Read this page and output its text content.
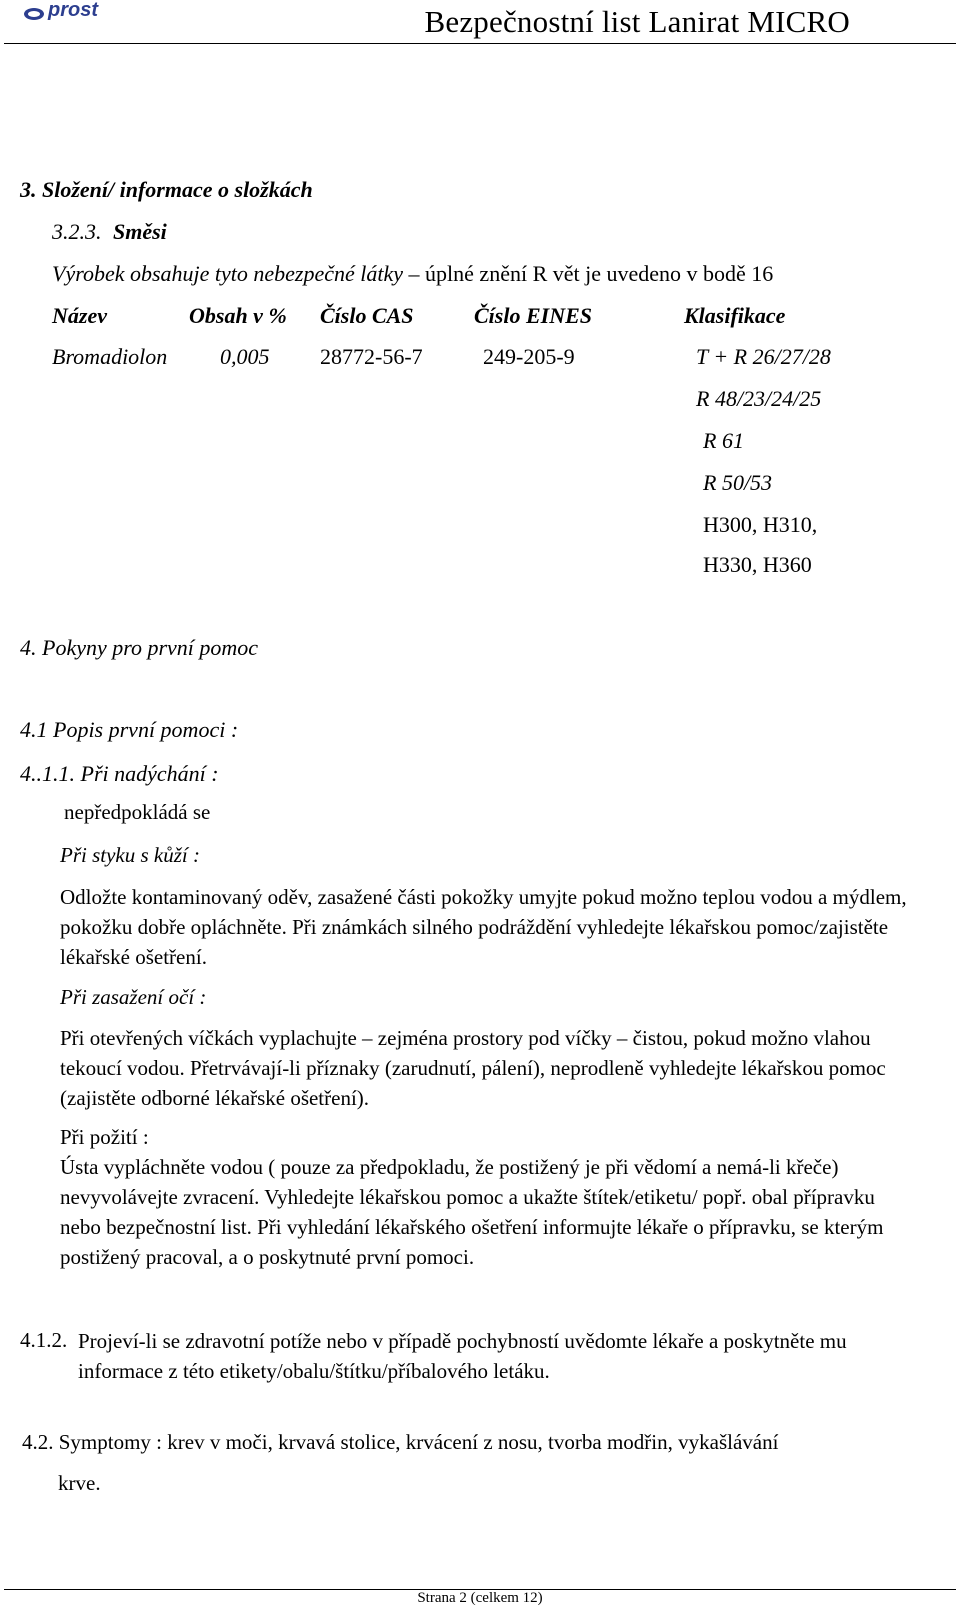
prost	Bezpečnostní list Lanirat MICRO
3. Složení/ informace o složkách
3.2.3. Směsi
Výrobek obsahuje tyto nebezpečné látky – úplné znění R vět je uvedeno v bodě 16
Název	Obsah v % Číslo CAS	Číslo EINES	Klasifikace
Bromadiolon 0,005 28772-56-7	249-205-9	T + R 26/27/28
R 48/23/24/25
R 61
R 50/53
H300, H310,
H330, H360
4. Pokyny pro první pomoc
4.1 Popis první pomoci :
4..1.1. Při nadýchání :
nepředpokládá se
Při styku s kůží :
Odložte kontaminovaný oděv, zasažené části pokožky umyjte pokud možno teplou vodou a mýdlem, pokožku dobře opláchněte. Při známkách silného podráždění vyhledejte lékařskou pomoc/zajistěte lékařské ošetření.
Při zasažení očí :
Při otevřených víčkách vyplachujte – zejména prostory pod víčky – čistou, pokud možno vlahou tekoucí vodou. Přetrvávají-li příznaky (zarudnutí, pálení), neprodleně vyhledejte lékařskou pomoc (zajistěte odborné lékařské ošetření).
Při požití :
Ústa vypláchněte vodou ( pouze za předpokladu, že postižený je při vědomí a nemá-li křeče) nevyvolávejte zvracení. Vyhledejte lékařskou pomoc a ukažte štítek/etiketu/ popř. obal přípravku nebo bezpečnostní list. Při vyhledání lékařského ošetření informujte lékaře o přípravku, se kterým postižený pracoval, a o poskytnuté první pomoci.
4.1.2. Projeví-li se zdravotní potíže nebo v případě pochybností uvědomte lékaře a poskytněte mu informace z této etikety/obalu/štítku/příbalového letáku.
4.2. Symptomy : krev v moči, krvavá stolice, krvácení z nosu, tvorba modřin, vykašlávání
krve.
Strana 2 (celkem 12)
